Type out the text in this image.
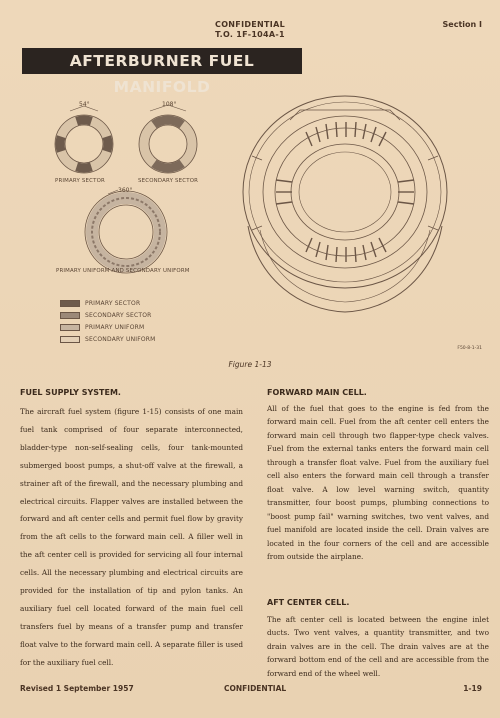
CONFIDENTIAL
T.O. 1F-104A-1
Section I
AFTERBURNER FUEL MANIFOLD
54°	108°
360°
PRIMARY SECTOR	SECONDARY SECTOR
PRIMARY UNIFORM AND SECONDARY UNIFORM
PRIMARY SECTOR
SECONDARY SECTOR
PRIMARY UNIFORM
SECONDARY UNIFORM
F50-8-1-31
Figure 1-13
FUEL SUPPLY SYSTEM.
The aircraft fuel system (figure 1-15) consists of one main fuel tank comprised of four separate interconnected, bladder-type non-self-sealing cells, four tank-mounted submerged boost pumps, a shut-off valve at the firewall, a strainer aft of the firewall, and the necessary plumbing and electrical circuits. Flapper valves are installed between the forward and aft center cells and permit fuel flow by gravity from the aft cells to the forward main cell. A filler well in the aft center cell is provided for servicing all four internal cells. All the necessary plumbing and electrical circuits are provided for the installation of tip and pylon tanks. An auxiliary fuel cell located forward of the main fuel cell transfers fuel by means of a transfer pump and transfer float valve to the forward main cell. A separate filler is used for the auxiliary fuel cell.
FORWARD MAIN CELL.
All of the fuel that goes to the engine is fed from the forward main cell. Fuel from the aft center cell enters the forward main cell through two flapper-type check valves. Fuel from the external tanks enters the forward main cell through a transfer float valve. Fuel from the auxiliary fuel cell also enters the forward main cell through a transfer float valve. A low level warning switch, quantity transmitter, four boost pumps, plumbing connections to "boost pump fail" warning switches, two vent valves, and fuel manifold are located inside the cell. Drain valves are located in the four corners of the cell and are accessible from outside the airplane.
AFT CENTER CELL.
The aft center cell is located between the engine inlet ducts. Two vent valves, a quantity transmitter, and two drain valves are in the cell. The drain valves are at the forward bottom end of the cell and are accessible from the forward end of the wheel well.
Revised 1 September 1957	CONFIDENTIAL	1-19
